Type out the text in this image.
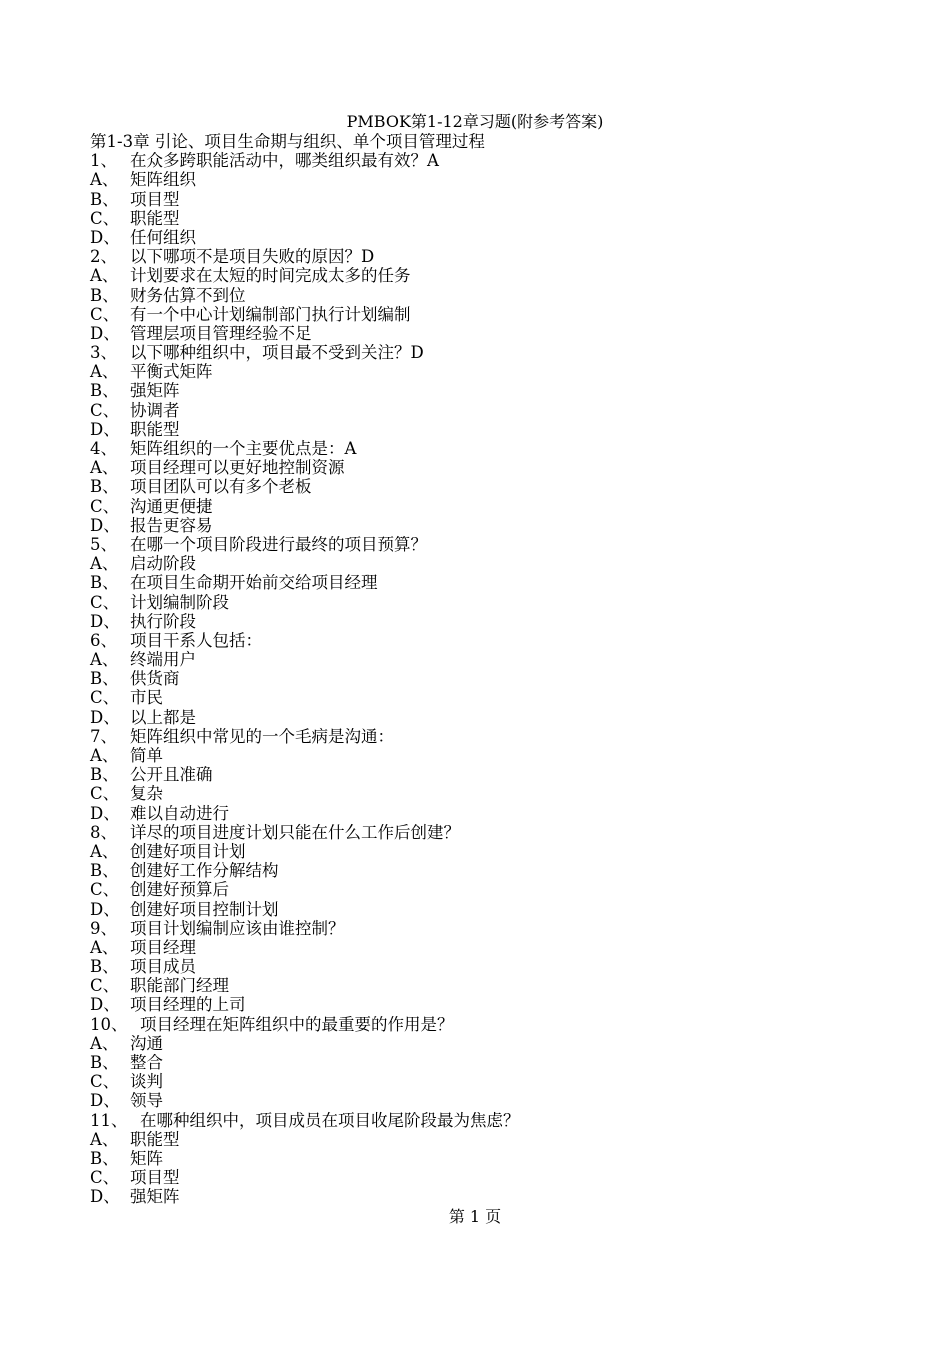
PMBOK第1-12章习题(附参考答案)
第1-3章 引论、项目生命期与组织、单个项目管理过程
1、 在众多跨职能活动中，哪类组织最有效？A
A、 矩阵组织
B、 项目型
C、 职能型
D、 任何组织
2、 以下哪项不是项目失败的原因？D
A、 计划要求在太短的时间完成太多的任务
B、 财务估算不到位
C、 有一个中心计划编制部门执行计划编制
D、 管理层项目管理经验不足
3、 以下哪种组织中，项目最不受到关注？D
A、 平衡式矩阵
B、 强矩阵
C、 协调者
D、 职能型
4、 矩阵组织的一个主要优点是：A
A、 项目经理可以更好地控制资源
B、 项目团队可以有多个老板
C、 沟通更便捷
D、 报告更容易
5、 在哪一个项目阶段进行最终的项目预算？
A、 启动阶段
B、 在项目生命期开始前交给项目经理
C、 计划编制阶段
D、 执行阶段
6、 项目干系人包括：
A、 终端用户
B、 供货商
C、 市民
D、 以上都是
7、 矩阵组织中常见的一个毛病是沟通：
A、 简单
B、 公开且准确
C、 复杂
D、 难以自动进行
8、 详尽的项目进度计划只能在什么工作后创建？
A、 创建好项目计划
B、 创建好工作分解结构
C、 创建好预算后
D、 创建好项目控制计划
9、 项目计划编制应该由谁控制？
A、 项目经理
B、 项目成员
C、 职能部门经理
D、 项目经理的上司
10、 项目经理在矩阵组织中的最重要的作用是？
A、 沟通
B、 整合
C、 谈判
D、 领导
11、 在哪种组织中，项目成员在项目收尾阶段最为焦虑？
A、 职能型
B、 矩阵
C、 项目型
D、 强矩阵
第 1 页
